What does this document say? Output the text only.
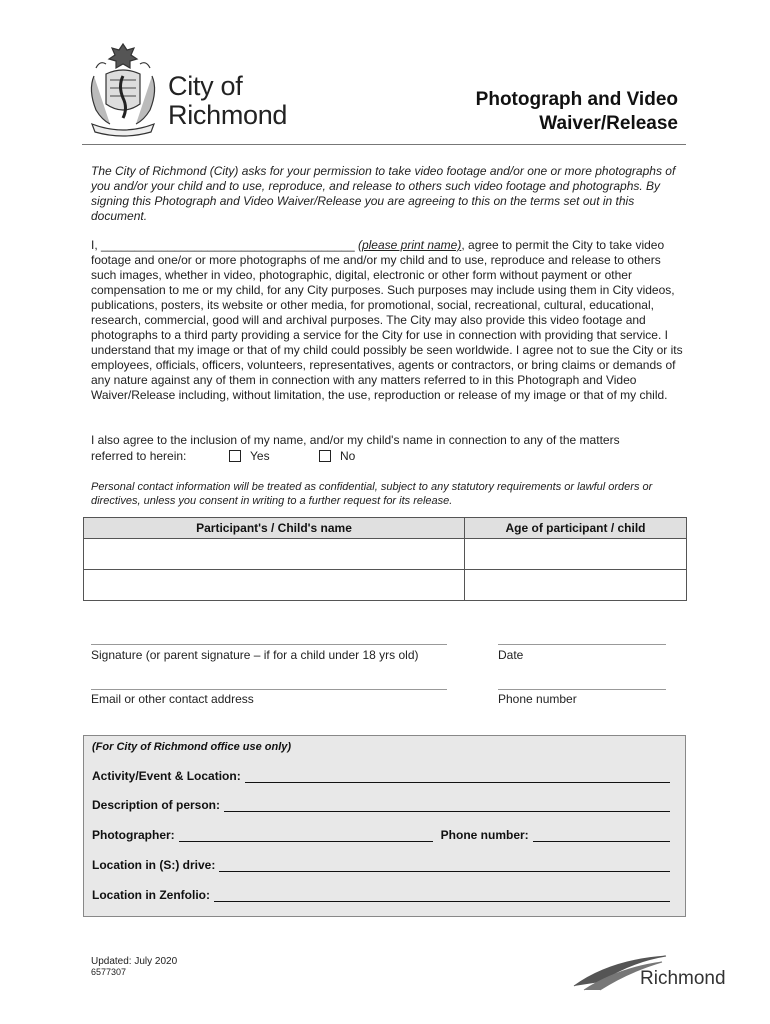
City of
Richmond
Photograph and Video
Waiver/Release
The City of Richmond (City) asks for your permission to take video footage and/or one or more photographs of you and/or your child and to use, reproduce, and release to others such video footage and photographs. By signing this Photograph and Video Waiver/Release you are agreeing to this on the terms set out in this document.
I, ______________________________________ (please print name), agree to permit the City to take video footage and one/or or more photographs of me and/or my child and to use, reproduce and release to others such images, whether in video, photographic, digital, electronic or other form without payment or other compensation to me or my child, for any City purposes. Such purposes may include using them in City videos, publications, posters, its website or other media, for promotional, social, recreational, cultural, educational, research, commercial, good will and archival purposes. The City may also provide this video footage and photographs to a third party providing a service for the City for use in connection with providing that service. I understand that my image or that of my child could possibly be seen worldwide. I agree not to sue the City or its employees, officials, officers, volunteers, representatives, agents or contractors, or bring claims or demands of any nature against any of them in connection with any matters referred to in this Photograph and Video Waiver/Release including, without limitation, the use, reproduction or release of my image or that of my child.
I also agree to the inclusion of my name, and/or my child's name in connection to any of the matters
referred to herein:	Yes	No
Personal contact information will be treated as confidential, subject to any statutory requirements or lawful orders or directives, unless you consent in writing to a further request for its release.
Participant's / Child's name	Age of participant / child

Signature (or parent signature – if for a child under 18 yrs old)	Date
Email or other contact address	Phone number
(For City of Richmond office use only)
Activity/Event & Location:
Description of person:
Photographer:	Phone number:
Location in (S:) drive:
Location in Zenfolio:
Updated: July 2020
6577307	Richmond
